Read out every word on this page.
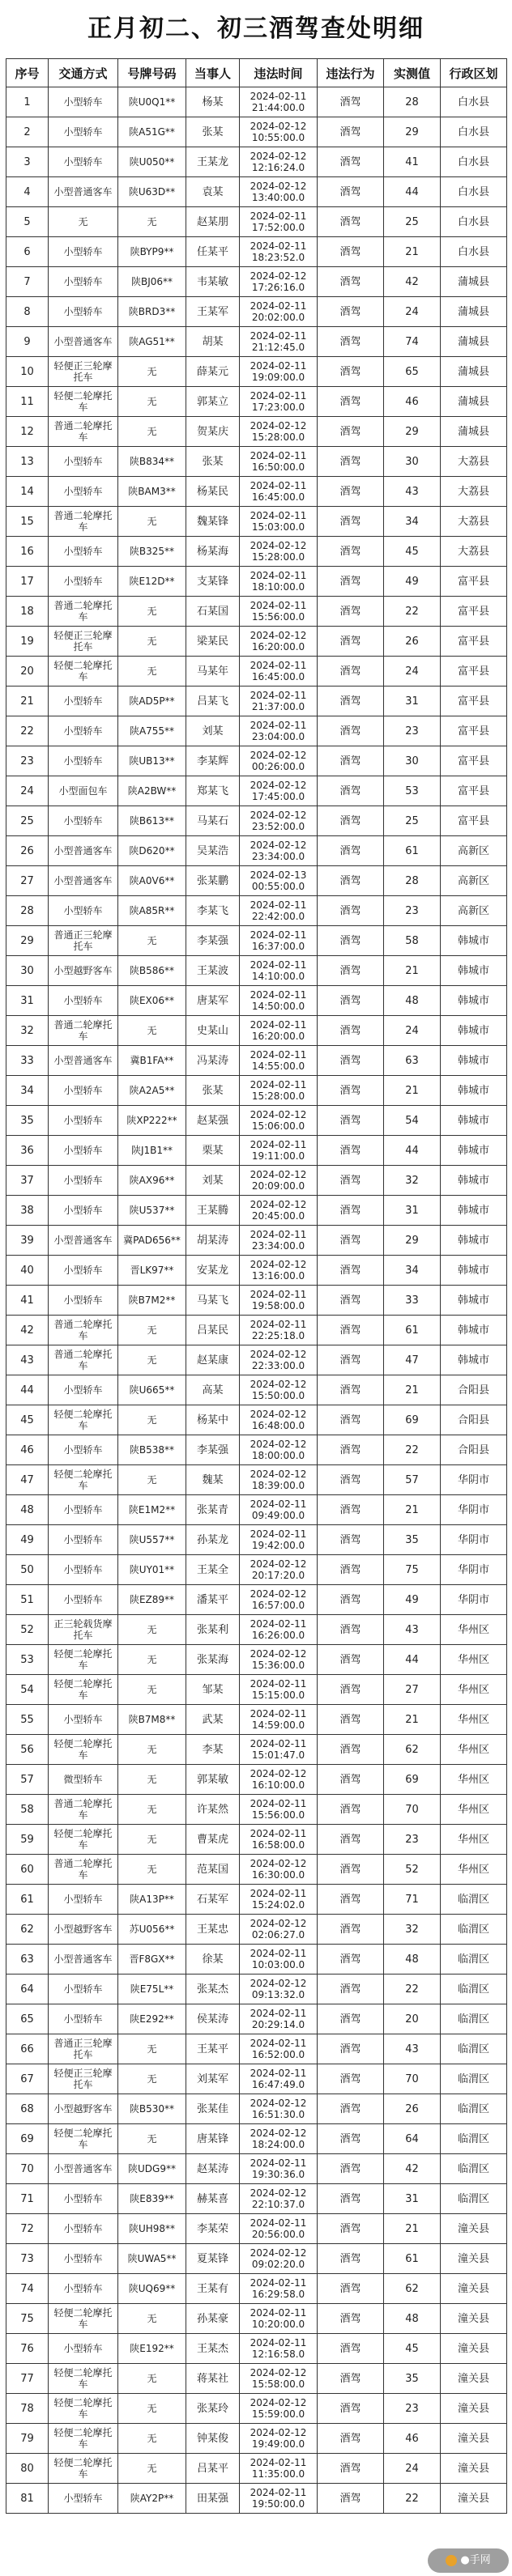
正月初二、初三酒驾查处明细
序号	交通方式	号牌号码	当事人	违法时间	违法行为	实测值	行政区划
1	小型轿车	陕U0Q1**	杨某	2024-02-11 21:44:00.0	酒驾	28	白水县
2	小型轿车	陕A51G**	张某	2024-02-12 10:55:00.0	酒驾	29	白水县
3	小型轿车	陕U050**	王某龙	2024-02-12 12:16:24.0	酒驾	41	白水县
4	小型普通客车	陕U63D**	袁某	2024-02-12 13:40:00.0	酒驾	44	白水县
5	无	无	赵某朋	2024-02-11 17:52:00.0	酒驾	25	白水县
6	小型轿车	陕BYP9**	任某平	2024-02-11 18:23:52.0	酒驾	21	白水县
7	小型轿车	陕BJ06**	韦某敏	2024-02-12 17:26:16.0	酒驾	42	蒲城县
8	小型轿车	陕BRD3**	王某军	2024-02-11 20:02:00.0	酒驾	24	蒲城县
9	小型普通客车	陕AG51**	胡某	2024-02-11 21:12:45.0	酒驾	74	蒲城县
10	轻便正三轮摩托车	无	薛某元	2024-02-11 19:09:00.0	酒驾	65	蒲城县
11	轻便二轮摩托车	无	郭某立	2024-02-11 17:23:00.0	酒驾	46	蒲城县
12	普通二轮摩托车	无	贺某庆	2024-02-12 15:28:00.0	酒驾	29	蒲城县
13	小型轿车	陕B834**	张某	2024-02-11 16:50:00.0	酒驾	30	大荔县
14	小型轿车	陕BAM3**	杨某民	2024-02-11 16:45:00.0	酒驾	43	大荔县
15	普通二轮摩托车	无	魏某锋	2024-02-11 15:03:00.0	酒驾	34	大荔县
16	小型轿车	陕B325**	杨某海	2024-02-12 15:28:00.0	酒驾	45	大荔县
17	小型轿车	陕E12D**	支某锋	2024-02-11 18:10:00.0	酒驾	49	富平县
18	普通二轮摩托车	无	石某国	2024-02-11 15:56:00.0	酒驾	22	富平县
19	轻便正三轮摩托车	无	梁某民	2024-02-12 16:20:00.0	酒驾	26	富平县
20	轻便二轮摩托车	无	马某年	2024-02-11 16:45:00.0	酒驾	24	富平县
21	小型轿车	陕AD5P**	吕某飞	2024-02-11 21:37:00.0	酒驾	31	富平县
22	小型轿车	陕A755**	刘某	2024-02-11 23:04:00.0	酒驾	23	富平县
23	小型轿车	陕UB13**	李某辉	2024-02-12 00:26:00.0	酒驾	30	富平县
24	小型面包车	陕A2BW**	郑某飞	2024-02-12 17:45:00.0	酒驾	53	富平县
25	小型轿车	陕B613**	马某石	2024-02-12 23:52:00.0	酒驾	25	富平县
26	小型普通客车	陕D620**	吴某浩	2024-02-12 23:34:00.0	酒驾	61	高新区
27	小型普通客车	陕A0V6**	张某鹏	2024-02-13 00:55:00.0	酒驾	28	高新区
28	小型轿车	陕A85R**	李某飞	2024-02-11 22:42:00.0	酒驾	23	高新区
29	普通正三轮摩托车	无	李某强	2024-02-11 16:37:00.0	酒驾	58	韩城市
30	小型越野客车	陕B586**	王某波	2024-02-11 14:10:00.0	酒驾	21	韩城市
31	小型轿车	陕EX06**	唐某军	2024-02-11 14:50:00.0	酒驾	48	韩城市
32	普通二轮摩托车	无	史某山	2024-02-11 16:20:00.0	酒驾	24	韩城市
33	小型普通客车	冀B1FA**	冯某涛	2024-02-11 14:55:00.0	酒驾	63	韩城市
34	小型轿车	陕A2A5**	张某	2024-02-11 15:28:00.0	酒驾	21	韩城市
35	小型轿车	陕XP222**	赵某强	2024-02-12 15:06:00.0	酒驾	54	韩城市
36	小型轿车	陕J1B1**	栗某	2024-02-11 19:11:00.0	酒驾	44	韩城市
37	小型轿车	陕AX96**	刘某	2024-02-12 20:09:00.0	酒驾	32	韩城市
38	小型轿车	陕U537**	王某腾	2024-02-12 20:45:00.0	酒驾	31	韩城市
39	小型普通客车	冀PAD656**	胡某涛	2024-02-11 23:34:00.0	酒驾	29	韩城市
40	小型轿车	晋LK97**	安某龙	2024-02-12 13:16:00.0	酒驾	34	韩城市
41	小型轿车	陕B7M2**	马某飞	2024-02-11 19:58:00.0	酒驾	33	韩城市
42	普通二轮摩托车	无	吕某民	2024-02-11 22:25:18.0	酒驾	61	韩城市
43	普通二轮摩托车	无	赵某康	2024-02-12 22:33:00.0	酒驾	47	韩城市
44	小型轿车	陕U665**	高某	2024-02-12 15:50:00.0	酒驾	21	合阳县
45	轻便二轮摩托车	无	杨某中	2024-02-12 16:48:00.0	酒驾	69	合阳县
46	小型轿车	陕B538**	李某强	2024-02-12 18:00:00.0	酒驾	22	合阳县
47	轻便二轮摩托车	无	魏某	2024-02-12 18:39:00.0	酒驾	57	华阴市
48	小型轿车	陕E1M2**	张某青	2024-02-11 09:49:00.0	酒驾	21	华阴市
49	小型轿车	陕U557**	孙某龙	2024-02-11 19:42:00.0	酒驾	35	华阴市
50	小型轿车	陕UY01**	王某全	2024-02-12 20:17:20.0	酒驾	75	华阴市
51	小型轿车	陕EZ89**	潘某平	2024-02-12 16:57:00.0	酒驾	49	华阴市
52	正三轮载货摩托车	无	张某利	2024-02-11 16:26:00.0	酒驾	43	华州区
53	轻便二轮摩托车	无	张某海	2024-02-12 15:36:00.0	酒驾	44	华州区
54	轻便二轮摩托车	无	邹某	2024-02-11 15:15:00.0	酒驾	27	华州区
55	小型轿车	陕B7M8**	武某	2024-02-11 14:59:00.0	酒驾	21	华州区
56	轻便二轮摩托车	无	李某	2024-02-11 15:01:47.0	酒驾	62	华州区
57	微型轿车	无	郭某敏	2024-02-12 16:10:00.0	酒驾	69	华州区
58	普通二轮摩托车	无	许某然	2024-02-11 15:56:00.0	酒驾	70	华州区
59	轻便二轮摩托车	无	曹某虎	2024-02-11 16:58:00.0	酒驾	23	华州区
60	普通二轮摩托车	无	范某国	2024-02-12 16:30:00.0	酒驾	52	华州区
61	小型轿车	陕A13P**	石某军	2024-02-11 15:24:02.0	酒驾	71	临渭区
62	小型越野客车	苏U056**	王某忠	2024-02-12 02:06:27.0	酒驾	32	临渭区
63	小型普通客车	晋F8GX**	徐某	2024-02-11 10:03:00.0	酒驾	48	临渭区
64	小型轿车	陕E75L**	张某杰	2024-02-12 09:13:32.0	酒驾	22	临渭区
65	小型轿车	陕E292**	侯某涛	2024-02-11 20:29:14.0	酒驾	20	临渭区
66	普通正三轮摩托车	无	王某平	2024-02-11 16:52:00.0	酒驾	43	临渭区
67	轻便正三轮摩托车	无	刘某军	2024-02-11 16:47:49.0	酒驾	70	临渭区
68	小型越野客车	陕B530**	张某佳	2024-02-12 16:51:30.0	酒驾	26	临渭区
69	轻便二轮摩托车	无	唐某锋	2024-02-12 18:24:00.0	酒驾	64	临渭区
70	小型普通客车	陕UDG9**	赵某涛	2024-02-11 19:30:36.0	酒驾	42	临渭区
71	小型轿车	陕E839**	赫某喜	2024-02-12 22:10:37.0	酒驾	31	临渭区
72	小型轿车	陕UH98**	李某荣	2024-02-11 20:56:00.0	酒驾	21	潼关县
73	小型轿车	陕UWA5**	夏某锋	2024-02-12 09:02:20.0	酒驾	61	潼关县
74	小型轿车	陕UQ69**	王某有	2024-02-11 16:29:58.0	酒驾	62	潼关县
75	轻便二轮摩托车	无	孙某豪	2024-02-11 10:20:00.0	酒驾	48	潼关县
76	小型轿车	陕E192**	王某杰	2024-02-11 12:16:58.0	酒驾	45	潼关县
77	轻便二轮摩托车	无	蒋某社	2024-02-12 15:58:00.0	酒驾	35	潼关县
78	轻便二轮摩托车	无	张某玲	2024-02-12 15:59:00.0	酒驾	23	潼关县
79	轻便二轮摩托车	无	钟某俊	2024-02-12 19:49:00.0	酒驾	46	潼关县
80	轻便二轮摩托车	无	吕某平	2024-02-11 11:35:00.0	酒驾	24	潼关县
81	小型轿车	陕AY2P**	田某强	2024-02-11 19:50:00.0	酒驾	22	潼关县
●手网
